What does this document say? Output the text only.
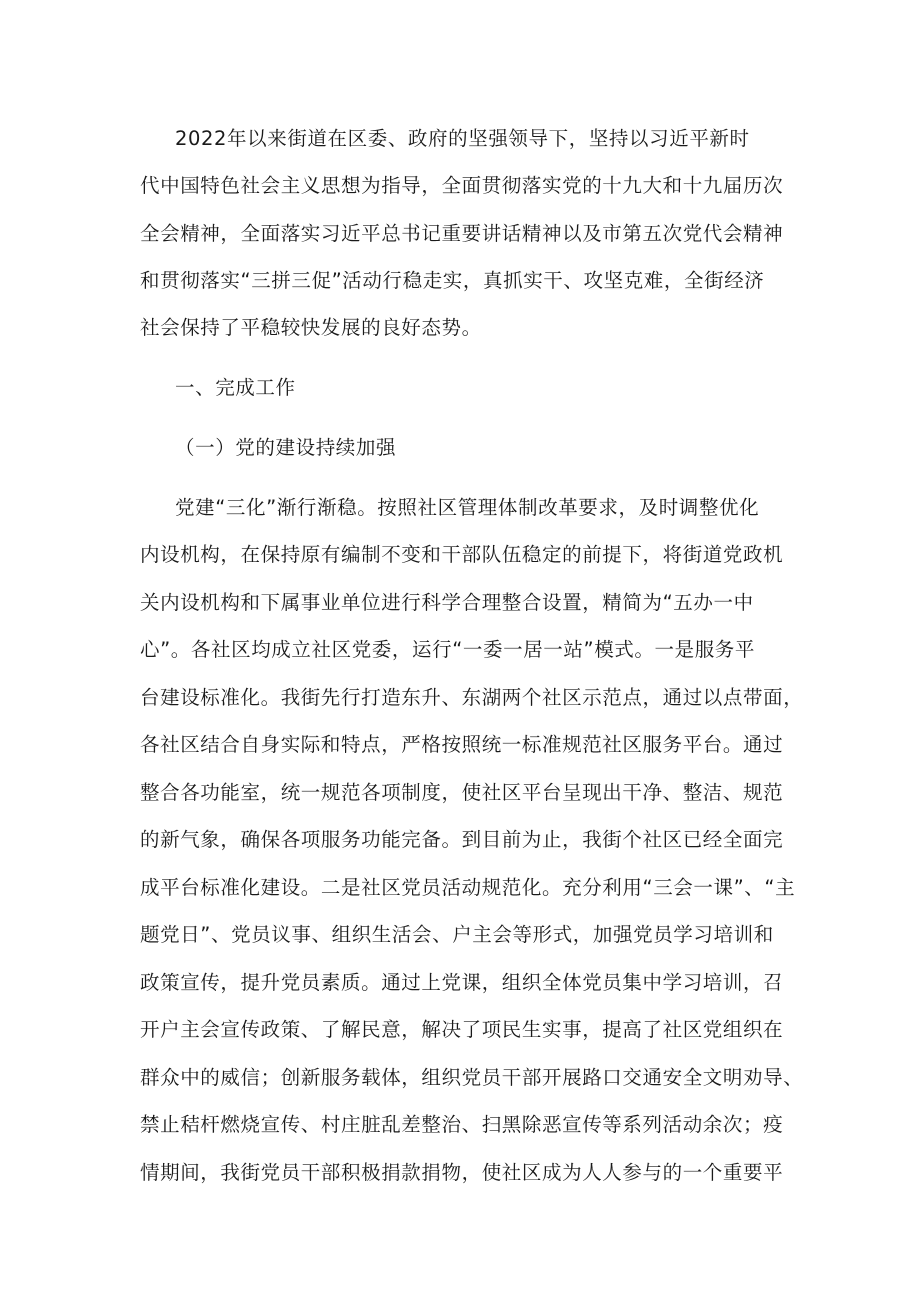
2022年以来街道在区委、政府的坚强领导下，坚持以习近平新时
代中国特色社会主义思想为指导，全面贯彻落实党的十九大和十九届历次
全会精神，全面落实习近平总书记重要讲话精神以及市第五次党代会精神
和贯彻落实“三拼三促”活动行稳走实，真抓实干、攻坚克难，全街经济
社会保持了平稳较快发展的良好态势。
一、完成工作
（一）党的建设持续加强
党建“三化”渐行渐稳。按照社区管理体制改革要求，及时调整优化
内设机构，在保持原有编制不变和干部队伍稳定的前提下，将街道党政机
关内设机构和下属事业单位进行科学合理整合设置，精简为“五办一中
心”。各社区均成立社区党委，运行“一委一居一站”模式。一是服务平
台建设标准化。我街先行打造东升、东湖两个社区示范点，通过以点带面，
各社区结合自身实际和特点，严格按照统一标准规范社区服务平台。通过
整合各功能室，统一规范各项制度，使社区平台呈现出干净、整洁、规范
的新气象，确保各项服务功能完备。到目前为止，我街个社区已经全面完
成平台标准化建设。二是社区党员活动规范化。充分利用“三会一课”、“主
题党日”、党员议事、组织生活会、户主会等形式，加强党员学习培训和
政策宣传，提升党员素质。通过上党课，组织全体党员集中学习培训，召
开户主会宣传政策、了解民意，解决了项民生实事，提高了社区党组织在
群众中的威信；创新服务载体，组织党员干部开展路口交通安全文明劝导、
禁止秸杆燃烧宣传、村庄脏乱差整治、扫黑除恶宣传等系列活动余次；疫
情期间，我街党员干部积极捐款捐物，使社区成为人人参与的一个重要平
